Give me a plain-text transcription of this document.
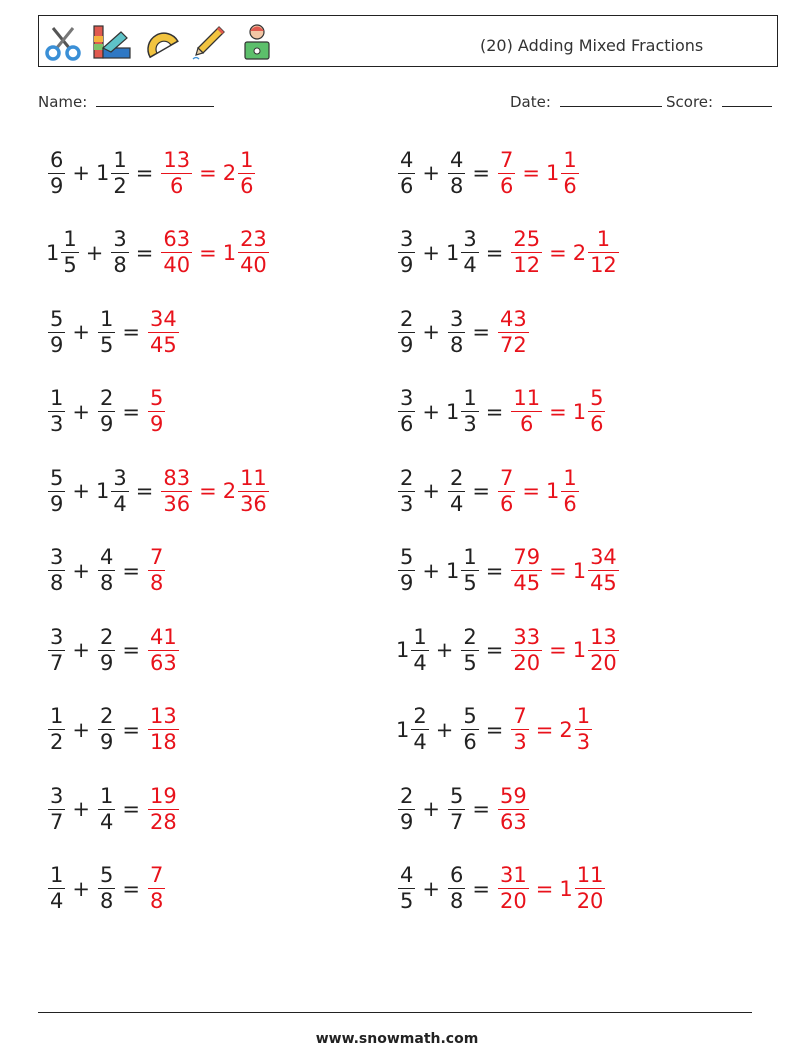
(20) Adding Mixed Fractions
Name:	Date:	Score:
$\frac{6}{9} + 1 \frac{1}{2} = \frac{13}{6} = 2 \frac{1}{6}$
$1 \frac{1}{5} + \frac{3}{8} = \frac{63}{40} = 1 \frac{23}{40}$
$\frac{5}{9} + \frac{1}{5} = \frac{34}{45}$
$\frac{1}{3} + \frac{2}{9} = \frac{5}{9}$
$\frac{5}{9} + 1 \frac{3}{4} = \frac{83}{36} = 2 \frac{11}{36}$
$\frac{3}{8} + \frac{4}{8} = \frac{7}{8}$
$\frac{3}{7} + \frac{2}{9} = \frac{41}{63}$
$\frac{1}{2} + \frac{2}{9} = \frac{13}{18}$
$\frac{3}{7} + \frac{1}{4} = \frac{19}{28}$
$\frac{1}{4} + \frac{5}{8} = \frac{7}{8}$
$\frac{4}{6} + \frac{4}{8} = \frac{7}{6} = 1 \frac{1}{6}$
$\frac{3}{9} + 1 \frac{3}{4} = \frac{25}{12} = 2 \frac{1}{12}$
$\frac{2}{9} + \frac{3}{8} = \frac{43}{72}$
$\frac{3}{6} + 1 \frac{1}{3} = \frac{11}{6} = 1 \frac{5}{6}$
$\frac{2}{3} + \frac{2}{4} = \frac{7}{6} = 1 \frac{1}{6}$
$\frac{5}{9} + 1 \frac{1}{5} = \frac{79}{45} = 1 \frac{34}{45}$
$1 \frac{1}{4} + \frac{2}{5} = \frac{33}{20} = 1 \frac{13}{20}$
$1 \frac{2}{4} + \frac{5}{6} = \frac{7}{3} = 2 \frac{1}{3}$
$\frac{2}{9} + \frac{5}{7} = \frac{59}{63}$
$\frac{4}{5} + \frac{6}{8} = \frac{31}{20} = 1 \frac{11}{20}$
www.snowmath.com
